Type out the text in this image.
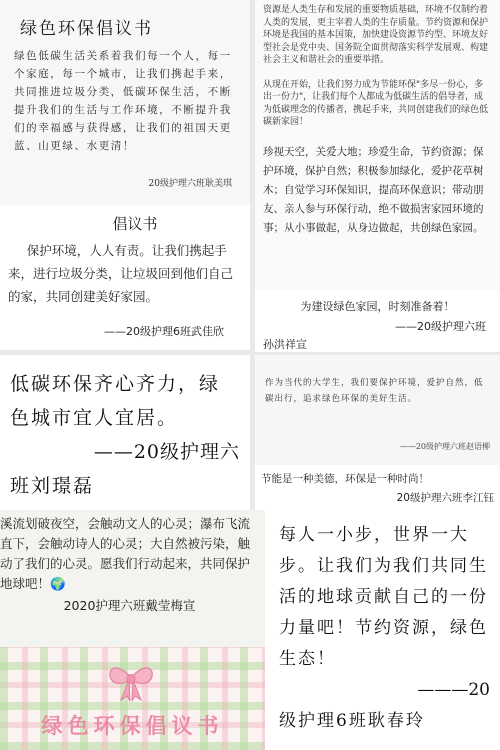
绿色环保倡议书

绿色低碳生活关系着我们每一个人，每一个家庭，每一个城市，让我们携起手来，共同推进垃圾分类，低碳环保生活，不断提升我们的生活与工作环境，不断提升我们的幸福感与获得感，让我们的祖国天更蓝、山更绿、水更清！

20级护理六班耿美琪

资源是人类生存和发展的重要物质基础，环境不仅制约着人类的发展，更主宰着人类的生存质量。节约资源和保护环境是我国的基本国策，加快建设资源节约型、环境友好型社会是党中央、国务院全面贯彻落实科学发展观、构建社会主义和谐社会的重要举措。

从现在开始，让我们努力成为节能环保"多尽一份心，多出一份力"，让我们每个人都成为低碳生活的倡导者，成为低碳理念的传播者，携起手来，共同创建我们的绿色低碳新家园！

珍视天空，关爱大地；珍爱生命，节约资源；保护环境，保护自然；积极参加绿化，爱护花草树木；自觉学习环保知识，提高环保意识；带动朋友、亲人参与环保行动，绝不做损害家园环境的事；从小事做起，从身边做起，共创绿色家园。

倡议书

保护环境，人人有责。让我们携起手来，进行垃圾分类，让垃圾回到他们自己的家，共同创建美好家园。

——20级护理6班武佳欣

为建设绿色家园，时刻准备着！

——20级护理六班

孙洪祥宣

低碳环保齐心齐力，绿色城市宜人宜居。

——20级护理六

班刘璟磊

作为当代的大学生，我们要保护环境，爱护自然，低碳出行，追求绿色环保的美好生活。

——20级护理六班赵语柳

节能是一种美德，环保是一种时尚！

20级护理六班李江钰

溪流划破夜空，会触动文人的心灵；瀑布飞流直下，会触动诗人的心灵；大自然被污染，触动了我们的心灵。愿我们行动起来，共同保护地球吧！🌍

2020护理六班戴莹梅宣

绿色环保倡议书

每人一小步，世界一大步。让我们为我们共同生活的地球贡献自己的一份力量吧！节约资源，绿色生态！

———20

级护理6班耿春玲
